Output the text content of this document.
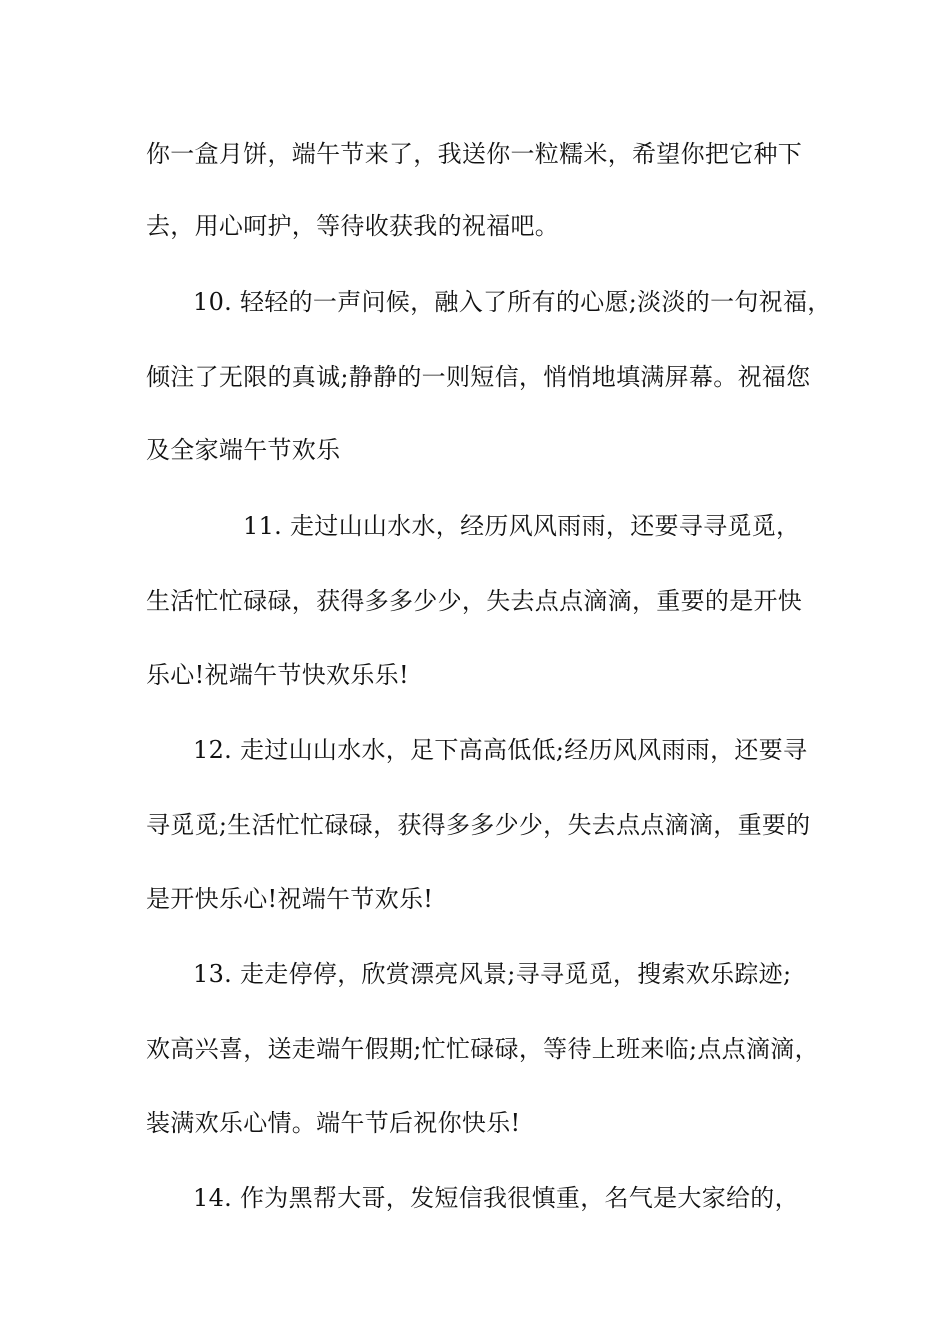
你一盒月饼，端午节来了，我送你一粒糯米，希望你把它种下
去，用心呵护，等待收获我的祝福吧。
10. 轻轻的一声问候，融入了所有的心愿;淡淡的一句祝福，
倾注了无限的真诚;静静的一则短信，悄悄地填满屏幕。祝福您
及全家端午节欢乐
11. 走过山山水水，经历风风雨雨，还要寻寻觅觅，
生活忙忙碌碌，获得多多少少，失去点点滴滴，重要的是开快
乐心!祝端午节快欢乐乐!
12. 走过山山水水，足下高高低低;经历风风雨雨，还要寻
寻觅觅;生活忙忙碌碌，获得多多少少，失去点点滴滴，重要的
是开快乐心!祝端午节欢乐!
13. 走走停停，欣赏漂亮风景;寻寻觅觅，搜索欢乐踪迹;
欢高兴喜，送走端午假期;忙忙碌碌，等待上班来临;点点滴滴，
装满欢乐心情。端午节后祝你快乐!
14. 作为黑帮大哥，发短信我很慎重，名气是大家给的，
